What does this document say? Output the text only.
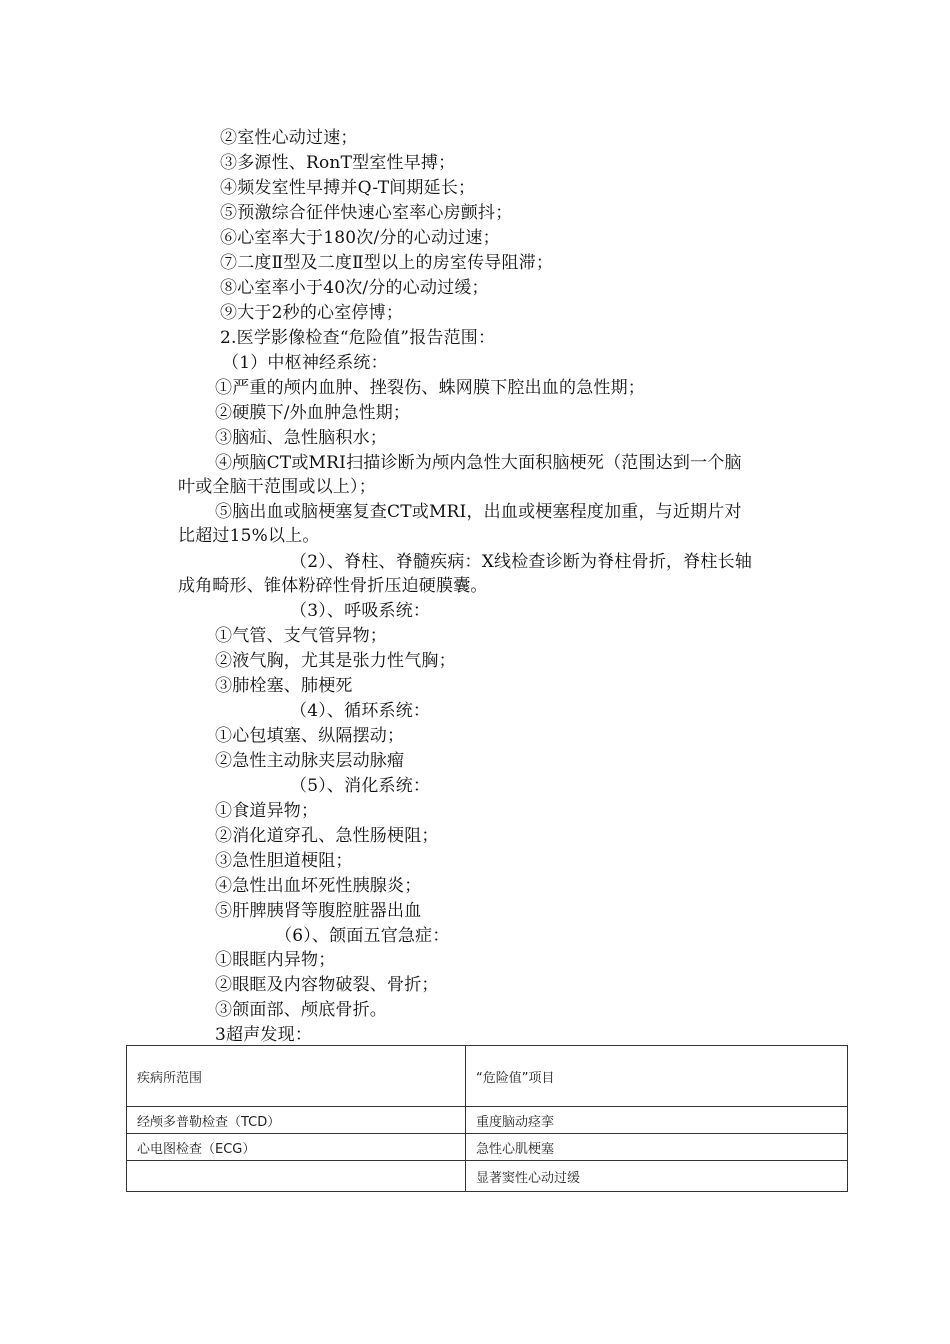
②室性心动过速；
③多源性、RonT型室性早搏；
④频发室性早搏并Q-T间期延长；
⑤预激综合征伴快速心室率心房颤抖；
⑥心室率大于180次/分的心动过速；
⑦二度Ⅱ型及二度Ⅱ型以上的房室传导阻滞；
⑧心室率小于40次/分的心动过缓；
⑨大于2秒的心室停博；
2.医学影像检查“危险值”报告范围：
（1）中枢神经系统：
①严重的颅内血肿、挫裂伤、蛛网膜下腔出血的急性期；
②硬膜下/外血肿急性期；
③脑疝、急性脑积水；
④颅脑CT或MRI扫描诊断为颅内急性大面积脑梗死（范围达到一个脑
叶或全脑干范围或以上）；
⑤脑出血或脑梗塞复查CT或MRI，出血或梗塞程度加重，与近期片对
比超过15%以上。
（2）、脊柱、脊髓疾病：X线检查诊断为脊柱骨折，脊柱长轴
成角畸形、锥体粉碎性骨折压迫硬膜囊。
（3）、呼吸系统：
①气管、支气管异物；
②液气胸，尤其是张力性气胸；
③肺栓塞、肺梗死
（4）、循环系统：
①心包填塞、纵隔摆动；
②急性主动脉夹层动脉瘤
（5）、消化系统：
①食道异物；
②消化道穿孔、急性肠梗阻；
③急性胆道梗阻；
④急性出血坏死性胰腺炎；
⑤肝脾胰肾等腹腔脏器出血
（6）、颌面五官急症：
①眼眶内异物；
②眼眶及内容物破裂、骨折；
③颌面部、颅底骨折。
3超声发现：
疾病所范围	“危险值”项目
经颅多普勒检查（TCD）	重度脑动痉挛
心电图检查（ECG）	急性心肌梗塞
	显著窦性心动过缓
